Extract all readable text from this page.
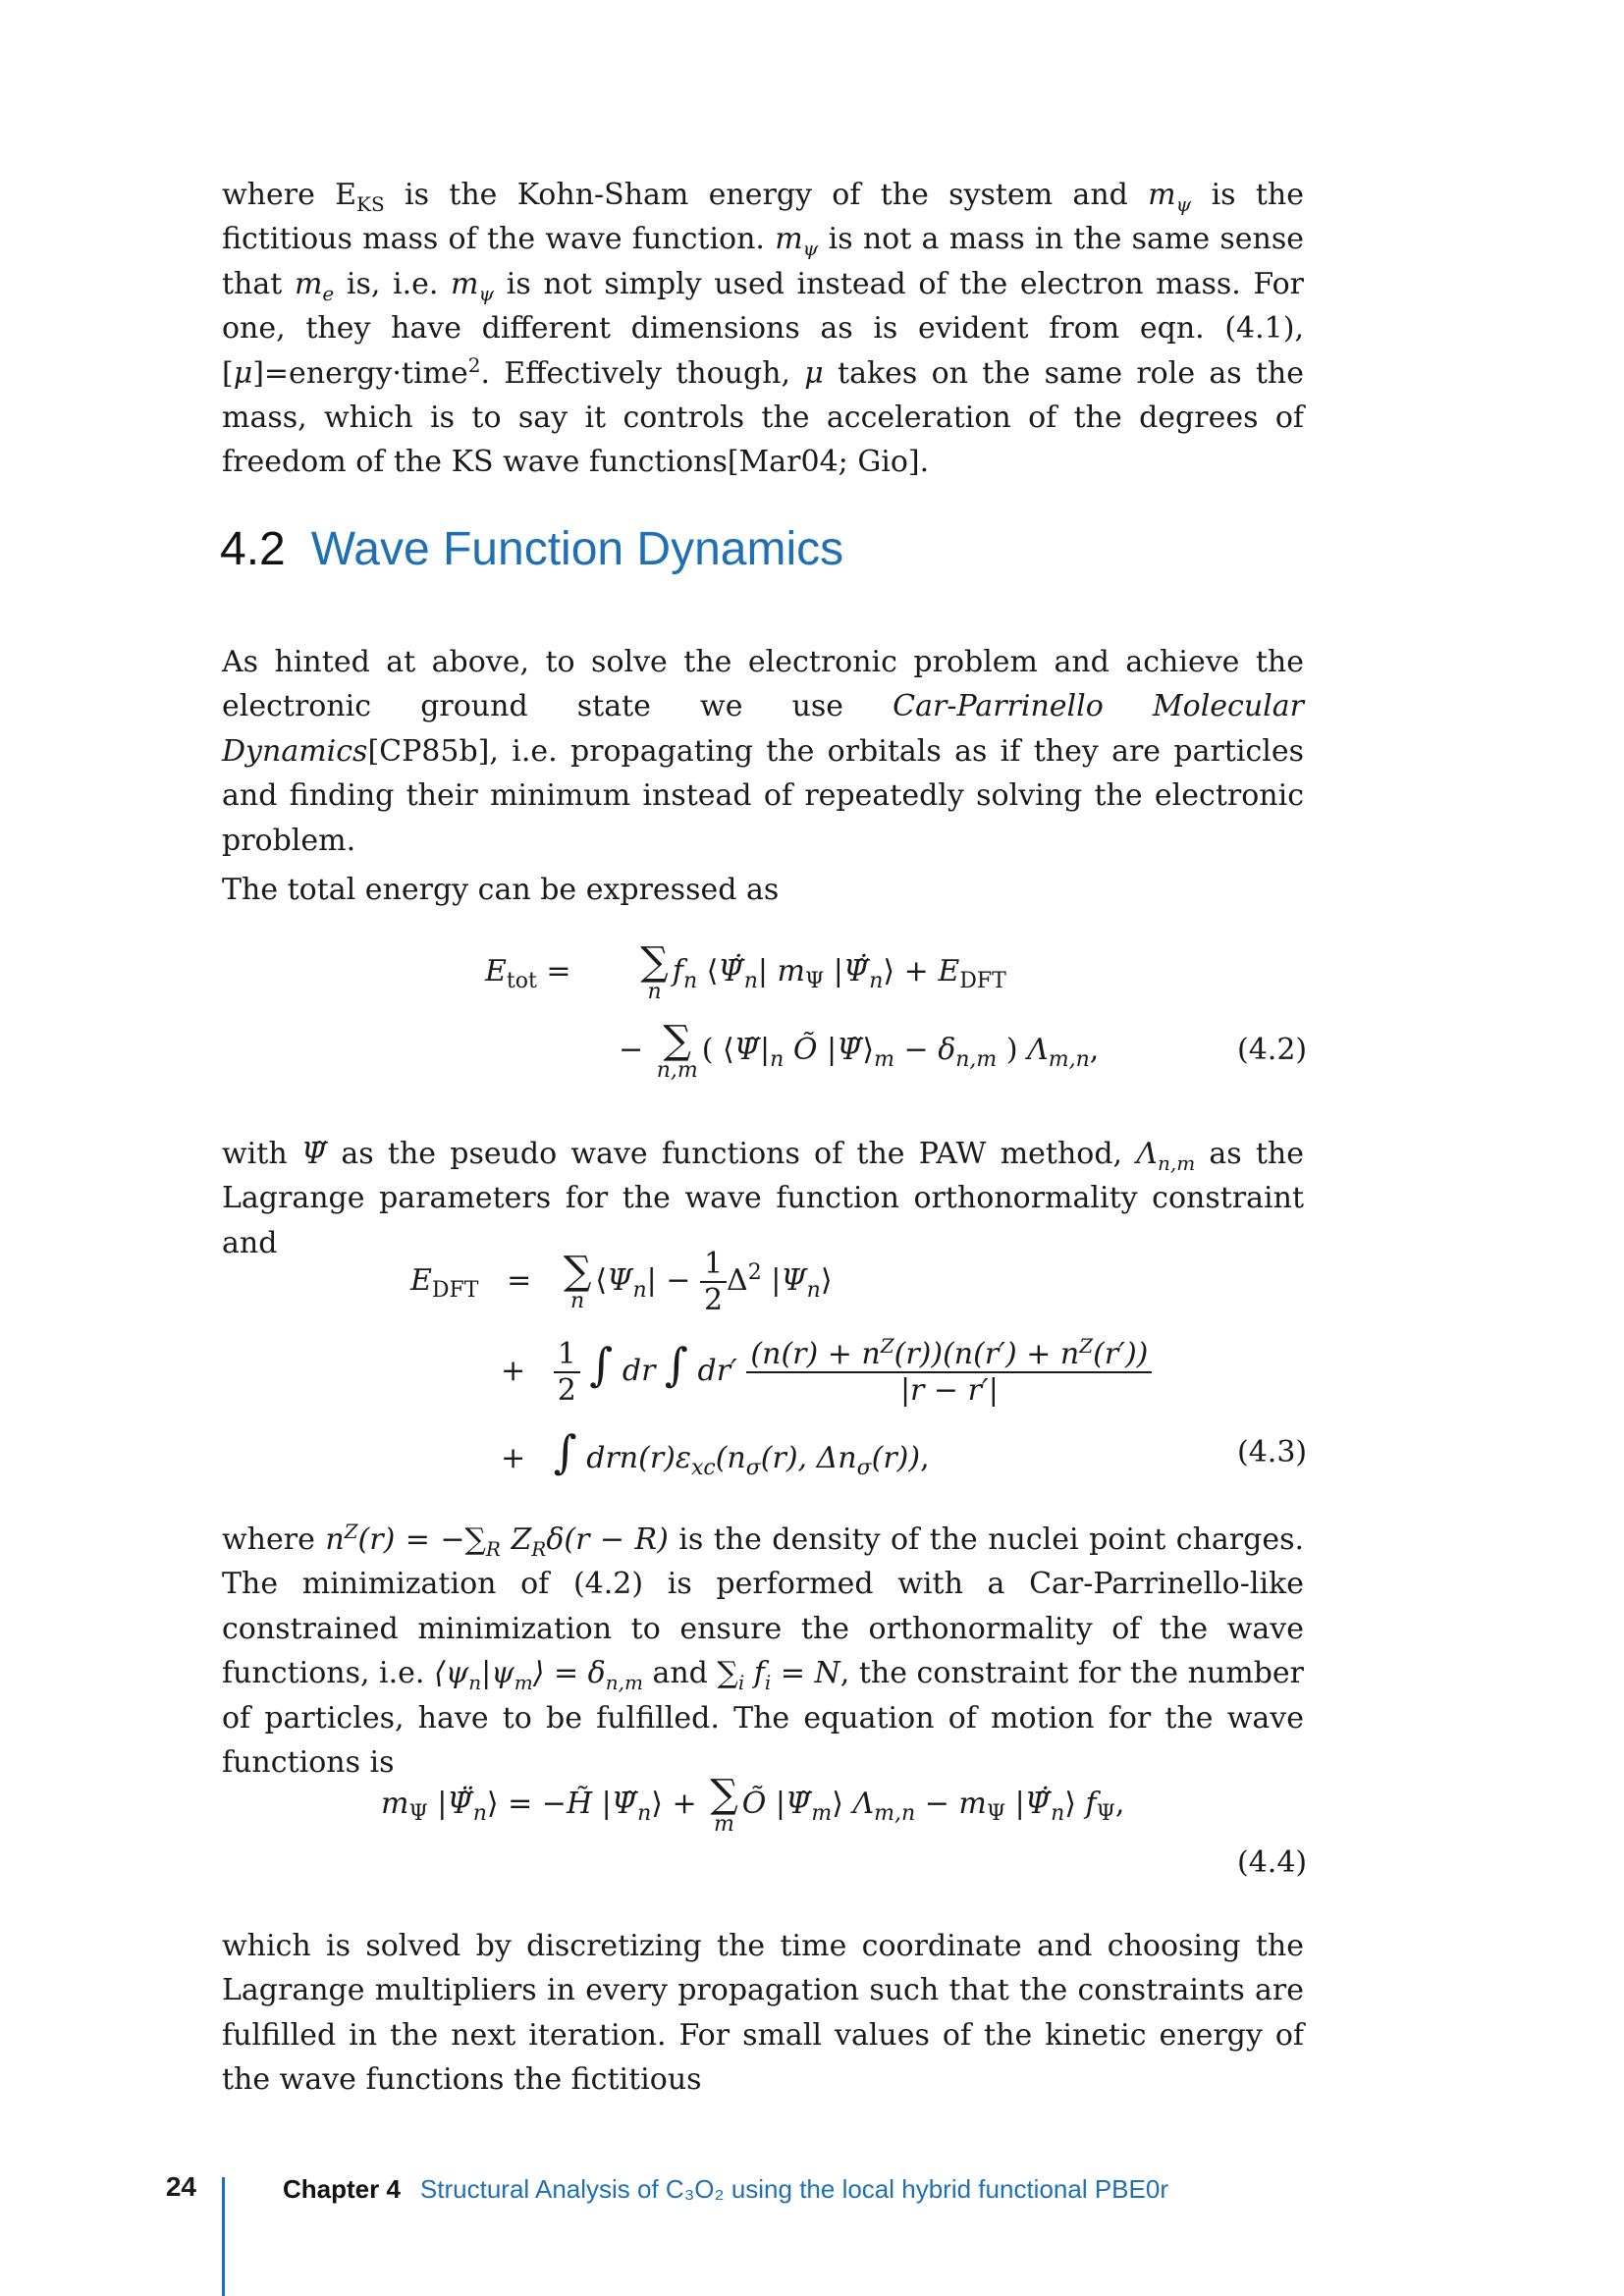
where $E_{KS}$ is the Kohn-Sham energy of the system and $m_\psi$ is the fictitious mass of the wave function. $m_\psi$ is not a mass in the same sense that $m_e$ is, i.e. $m_\psi$ is not simply used instead of the electron mass. For one, they have different dimensions as is evident from eqn. (4.1), [μ]=energy·time$^2$. Effectively though, μ takes on the same role as the mass, which is to say it controls the acceleration of the degrees of freedom of the KS wave functions[Mar04; Gio].
4.2 Wave Function Dynamics
As hinted at above, to solve the electronic problem and achieve the electronic ground state we use Car-Parrinello Molecular Dynamics[CP85b], i.e. propagating the orbitals as if they are particles and finding their minimum instead of repeatedly solving the electronic problem.
The total energy can be expressed as
$E_{tot}$ = ∑
n
$f_n$ $⟨\Psĩ̇_n|$ $m_\Psi$ $|\Psĩ̇_n⟩ + E_{DFT}$
− ∑
n,m
( $⟨\Psĩ|_n$ Õ $|\Psĩ⟩_m - \delta_{n,m}$ ) $\Lambda_{m,n}$,	(4.2)
with Ψ̃ as the pseudo wave functions of the PAW method, $\Lambda_{n,m}$ as the Lagrange parameters for the wave function orthonormality constraint and
$E_{DFT}$   = ∑
n
$⟨\Psi_n| - \frac{1}{2} \Delta^2$ $|\Psi_n⟩$
+ $\frac{1}{2}$ ∫ dr ∫ $dr' \frac{(n(r) + n^Z(r))(n(r') + n^Z(r'))}{|r - r'|}$
+   ∫ $drn(r)\varepsilon_{xc}(n_\sigma(r)$, $\Delta n_\sigma(r)$),	(4.3)
where $n^Z(r) = -\sum_R$ $Z_R\delta(r - R)$ is the density of the nuclei point charges. The minimization of (4.2) is performed with a Car-Parrinello-like constrained minimization to ensure the orthonormality of the wave functions, i.e. $⟨\psi_n|\psi_m⟩ = \delta_{n,m}$ and $\sum_i$ $f_i = N$, the constraint for the number of particles, have to be fulfilled. The equation of motion for the wave functions is
$m_\Psi$ $|\Psĩ̈_n⟩$ = −H̃ $|\Psĩ_n⟩$ + ∑
m
Õ $|\Psĩ_m⟩$ $\Lambda_{m,n} - m_\Psi$ $|\Psĩ̇_n⟩$ $f_\Psi$,
(4.4)
which is solved by discretizing the time coordinate and choosing the Lagrange multipliers in every propagation such that the constraints are fulfilled in the next iteration. For small values of the kinetic energy of the wave functions the fictitious
24	Chapter 4 Structural Analysis of C₃O₂ using the local hybrid functional PBE0r
